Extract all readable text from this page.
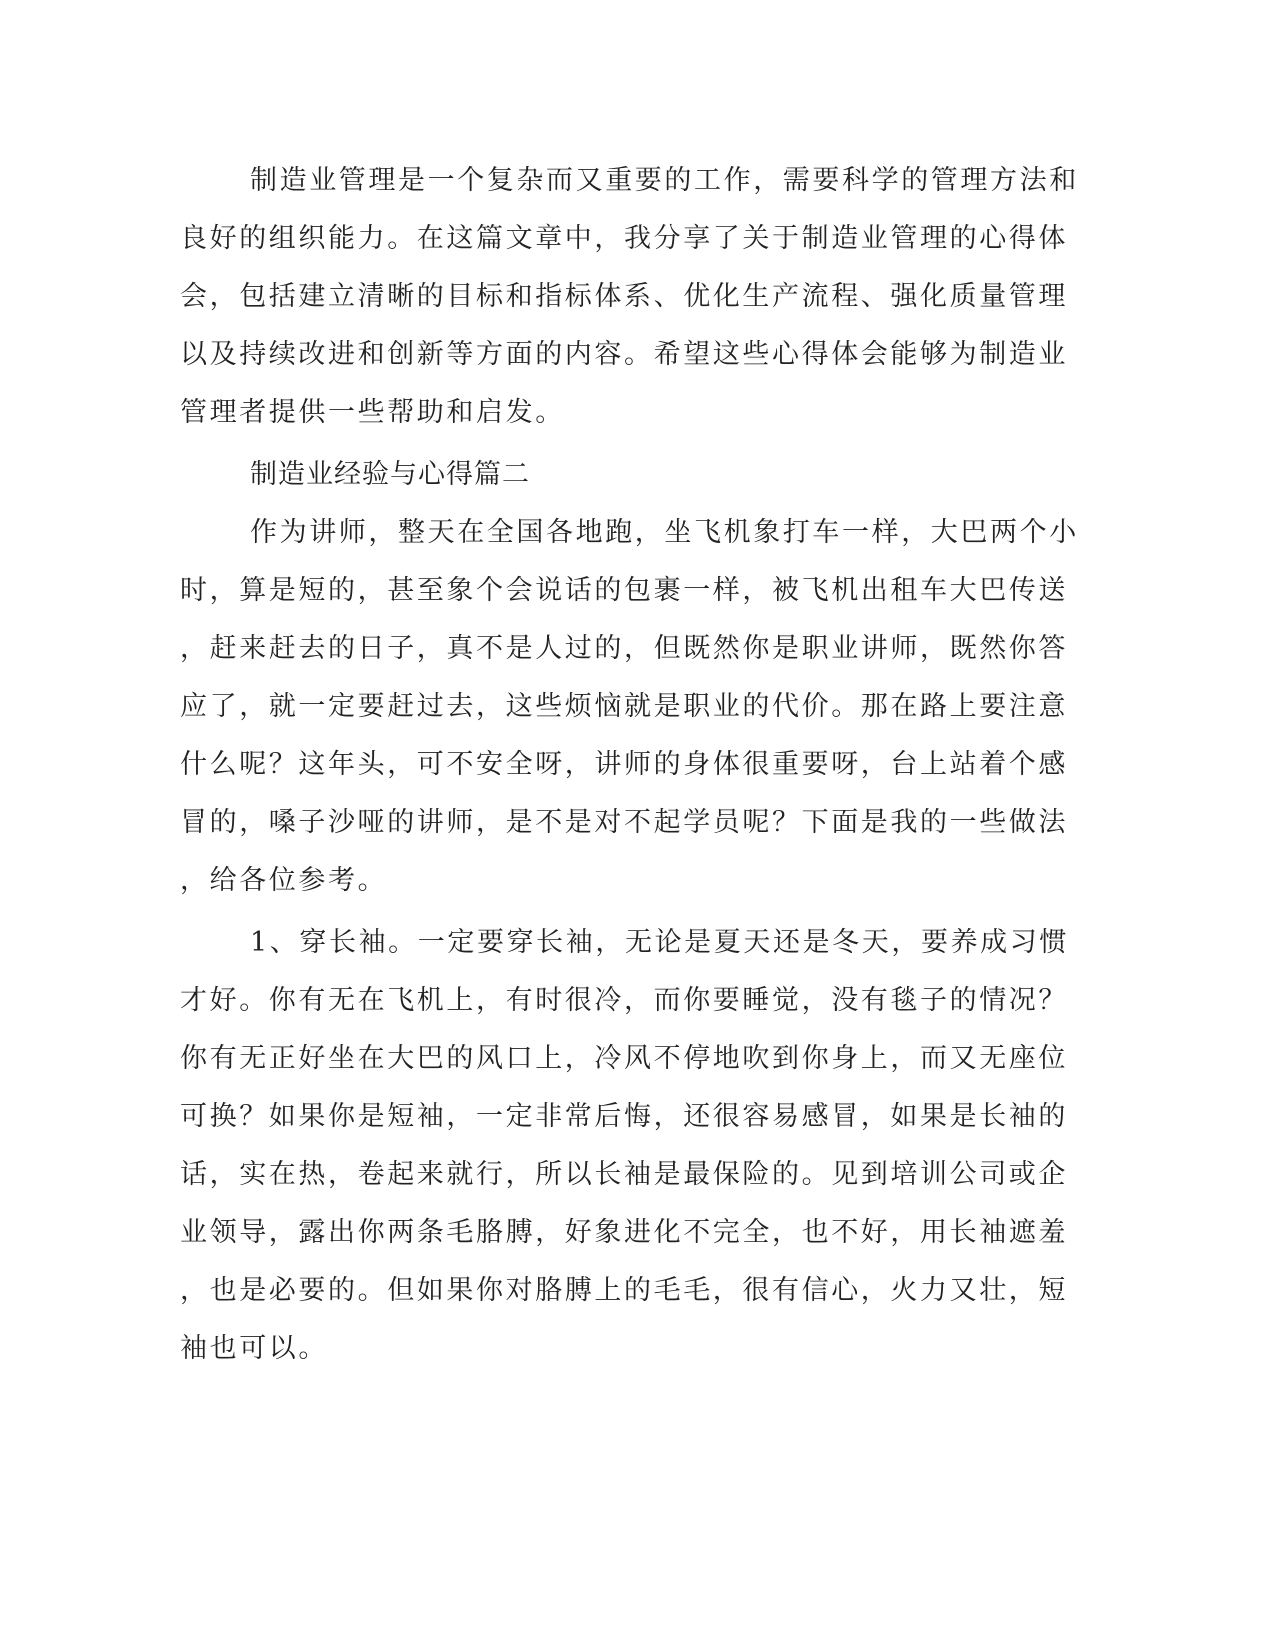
制造业管理是一个复杂而又重要的工作，需要科学的管理方法和
良好的组织能力。在这篇文章中，我分享了关于制造业管理的心得体
会，包括建立清晰的目标和指标体系、优化生产流程、强化质量管理
以及持续改进和创新等方面的内容。希望这些心得体会能够为制造业
管理者提供一些帮助和启发。
制造业经验与心得篇二
作为讲师，整天在全国各地跑，坐飞机象打车一样，大巴两个小
时，算是短的，甚至象个会说话的包裹一样，被飞机出租车大巴传送
，赶来赶去的日子，真不是人过的，但既然你是职业讲师，既然你答
应了，就一定要赶过去，这些烦恼就是职业的代价。那在路上要注意
什么呢？这年头，可不安全呀，讲师的身体很重要呀，台上站着个感
冒的，嗓子沙哑的讲师，是不是对不起学员呢？下面是我的一些做法
，给各位参考。
1、穿长袖。一定要穿长袖，无论是夏天还是冬天，要养成习惯
才好。你有无在飞机上，有时很冷，而你要睡觉，没有毯子的情况？
你有无正好坐在大巴的风口上，冷风不停地吹到你身上，而又无座位
可换？如果你是短袖，一定非常后悔，还很容易感冒，如果是长袖的
话，实在热，卷起来就行，所以长袖是最保险的。见到培训公司或企
业领导，露出你两条毛胳膊，好象进化不完全，也不好，用长袖遮羞
，也是必要的。但如果你对胳膊上的毛毛，很有信心，火力又壮，短
袖也可以。
